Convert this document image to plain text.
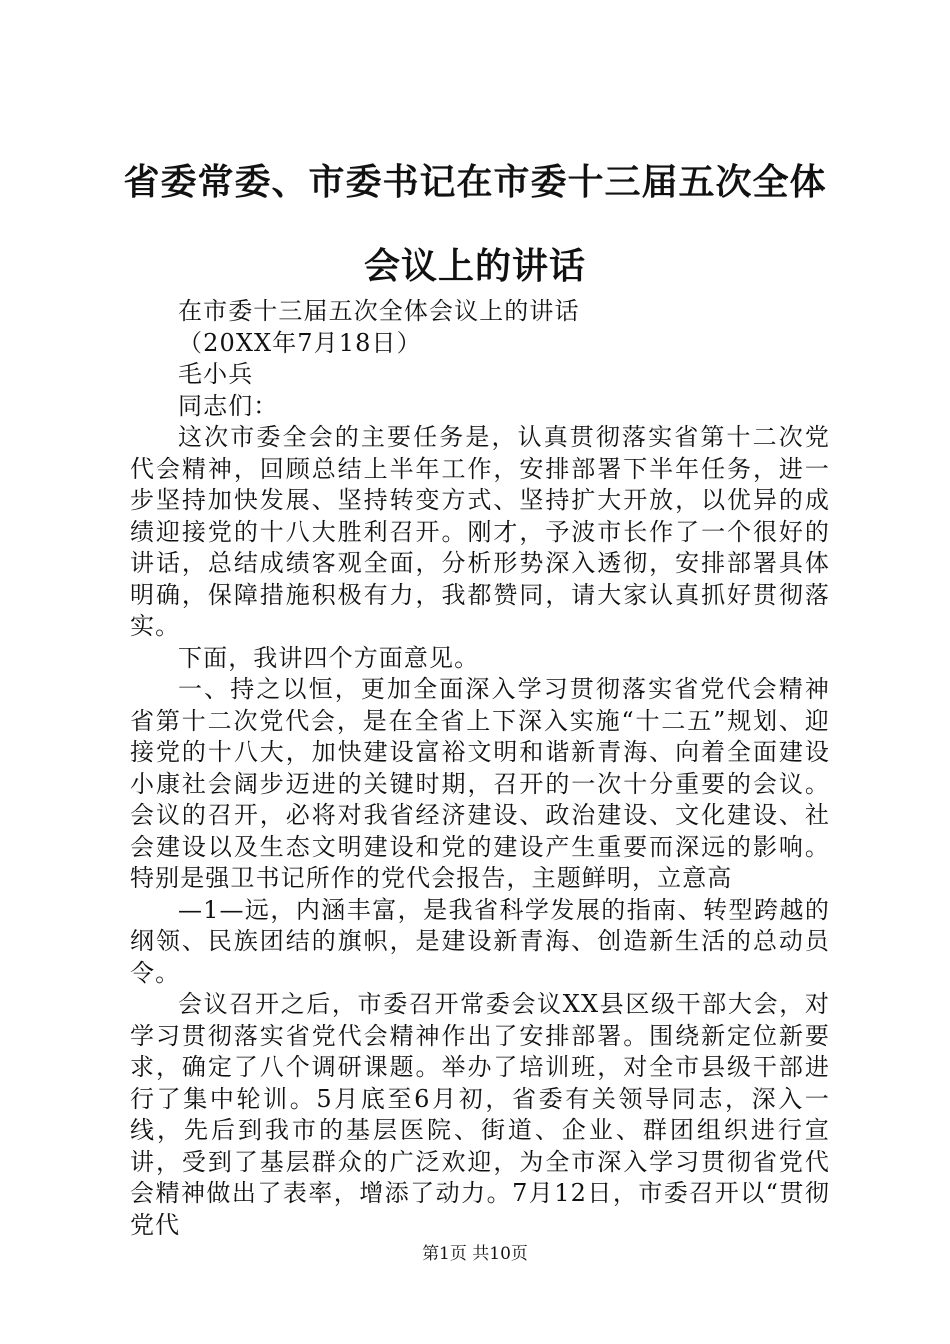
省委常委、市委书记在市委十三届五次全体会议上的讲话

在市委十三届五次全体会议上的讲话

（20XX年7月18日）

毛小兵

同志们：

这次市委全会的主要任务是，认真贯彻落实省第十二次党代会精神，回顾总结上半年工作，安排部署下半年任务，进一步坚持加快发展、坚持转变方式、坚持扩大开放，以优异的成绩迎接党的十八大胜利召开。刚才，予波市长作了一个很好的讲话，总结成绩客观全面，分析形势深入透彻，安排部署具体明确，保障措施积极有力，我都赞同，请大家认真抓好贯彻落实。

下面，我讲四个方面意见。

一、持之以恒，更加全面深入学习贯彻落实省党代会精神省第十二次党代会，是在全省上下深入实施“十二五”规划、迎接党的十八大，加快建设富裕文明和谐新青海、向着全面建设小康社会阔步迈进的关键时期，召开的一次十分重要的会议。会议的召开，必将对我省经济建设、政治建设、文化建设、社会建设以及生态文明建设和党的建设产生重要而深远的影响。特别是强卫书记所作的党代会报告，主题鲜明，立意高

—1—远，内涵丰富，是我省科学发展的指南、转型跨越的纲领、民族团结的旗帜，是建设新青海、创造新生活的总动员令。

会议召开之后，市委召开常委会议XX县区级干部大会，对学习贯彻落实省党代会精神作出了安排部署。围绕新定位新要求，确定了八个调研课题。举办了培训班，对全市县级干部进行了集中轮训。5月底至6月初，省委有关领导同志，深入一线，先后到我市的基层医院、街道、企业、群团组织进行宣讲，受到了基层群众的广泛欢迎，为全市深入学习贯彻省党代会精神做出了表率，增添了动力。7月12日，市委召开以“贯彻党代

第1页 共10页
